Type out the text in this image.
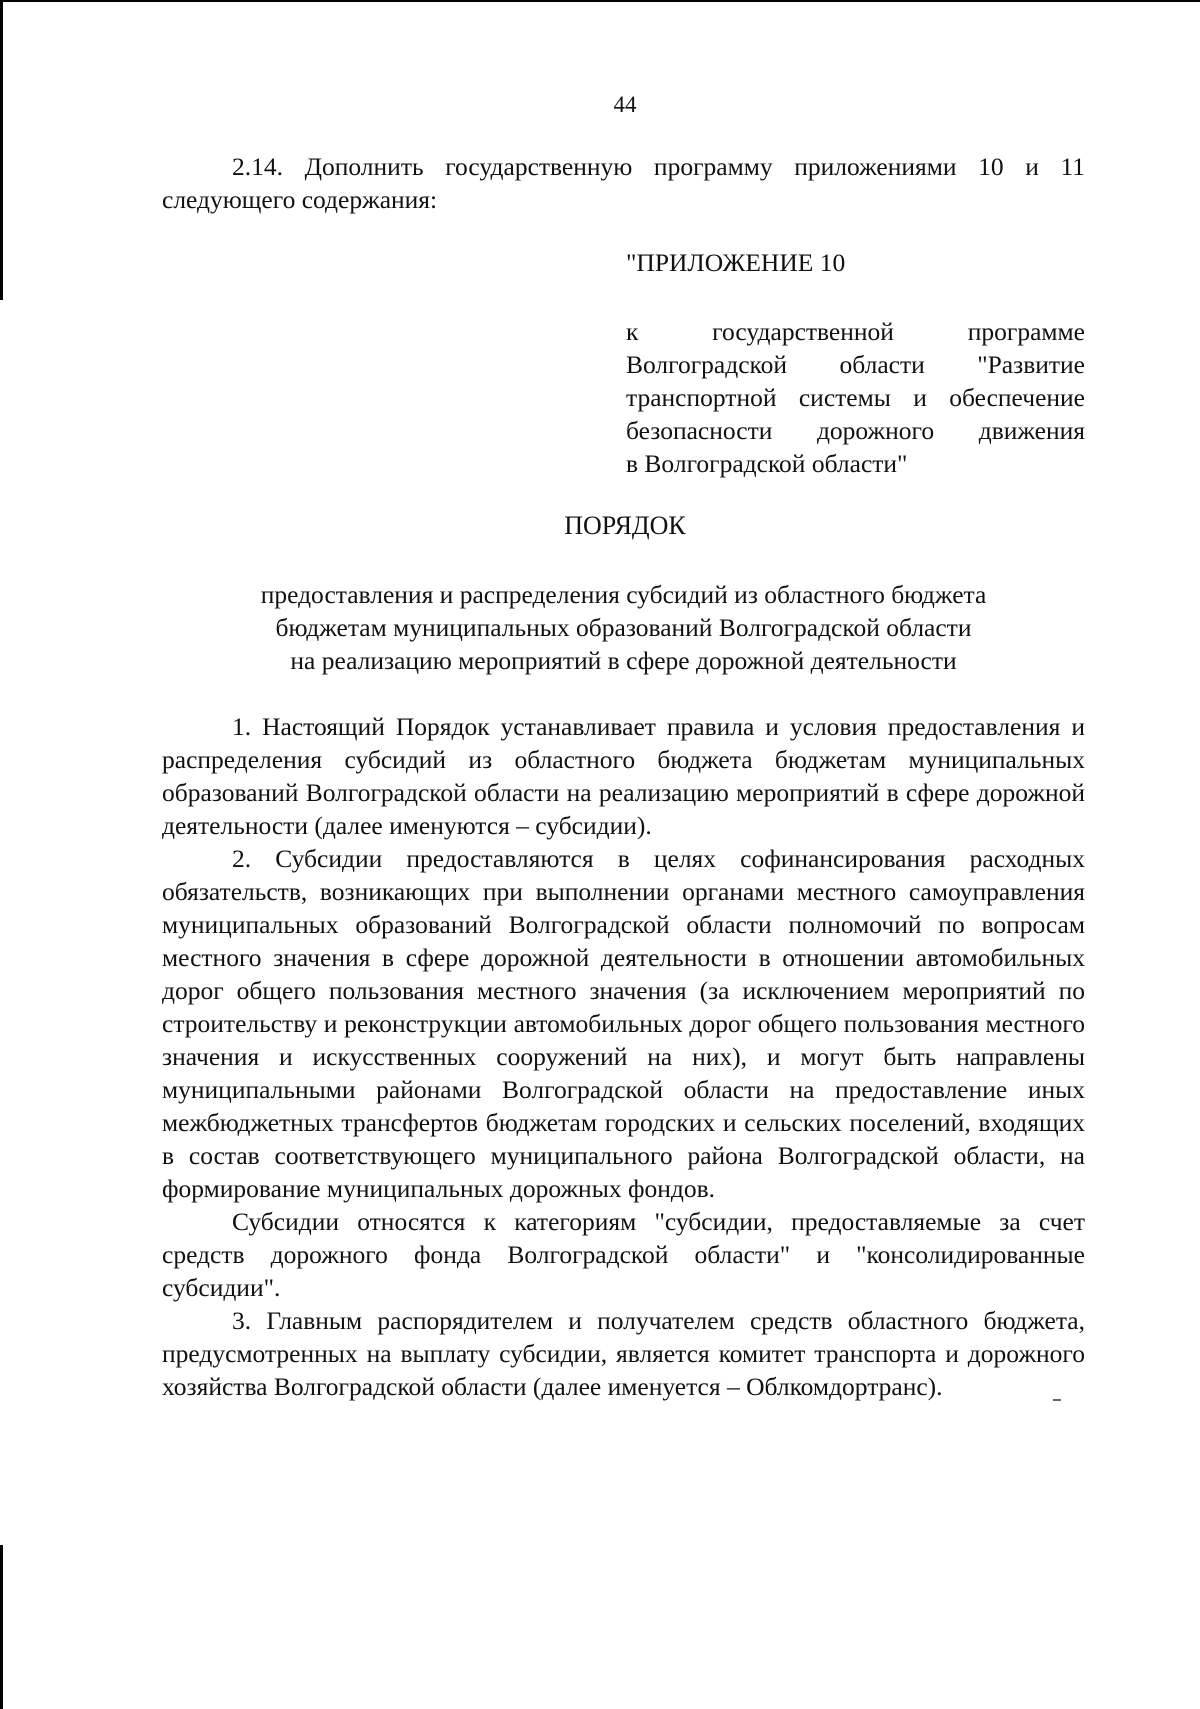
44

2.14. Дополнить государственную программу приложениями 10 и 11 следующего содержания:

"ПРИЛОЖЕНИЕ 10
к государственной программе
Волгоградской области "Развитие
транспортной системы и обеспечение
безопасности дорожного движения
в Волгоградской области"
ПОРЯДОК
предоставления и распределения субсидий из областного бюджета
бюджетам муниципальных образований Волгоградской области
на реализацию мероприятий в сфере дорожной деятельности

1. Настоящий Порядок устанавливает правила и условия предоставления и распределения субсидий из областного бюджета бюджетам муниципальных образований Волгоградской области на реализацию мероприятий в сфере дорожной деятельности (далее именуются – субсидии).

2. Субсидии предоставляются в целях софинансирования расходных обязательств, возникающих при выполнении органами местного самоуправления муниципальных образований Волгоградской области полномочий по вопросам местного значения в сфере дорожной деятельности в отношении автомобильных дорог общего пользования местного значения (за исключением мероприятий по строительству и реконструкции автомобильных дорог общего пользования местного значения и искусственных сооружений на них), и могут быть направлены муниципальными районами Волгоградской области на предоставление иных межбюджетных трансфертов бюджетам городских и сельских поселений, входящих в состав соответствующего муниципального района Волгоградской области, на формирование муниципальных дорожных фондов.

Субсидии относятся к категориям "субсидии, предоставляемые за счет средств дорожного фонда Волгоградской области" и "консолидированные субсидии".

3. Главным распорядителем и получателем средств областного бюджета, предусмотренных на выплату субсидии, является комитет транспорта и дорожного хозяйства Волгоградской области (далее именуется – Облкомдортранс).
